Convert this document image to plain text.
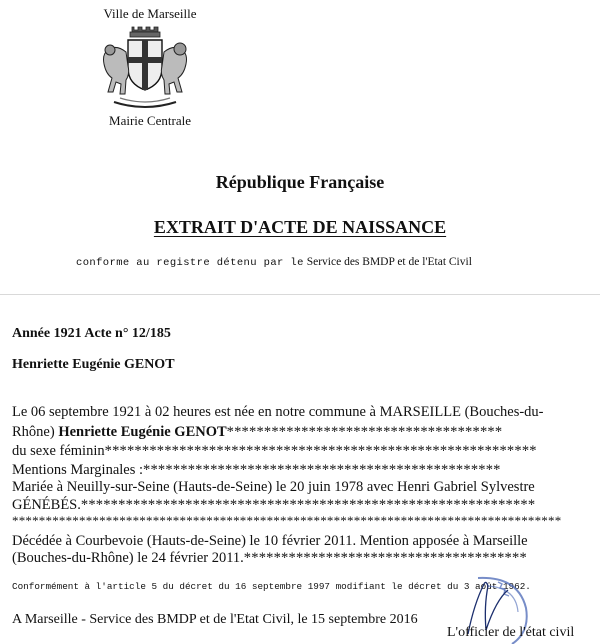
Ville de Marseille
Mairie Centrale
République Française
EXTRAIT D'ACTE DE NAISSANCE
conforme au registre détenu par le Service des BMDP et de l'Etat Civil
Année 1921 Acte n° 12/185
Henriette Eugénie GENOT
Le 06 septembre 1921 à 02 heures est née en notre commune à MARSEILLE (Bouches-du-
Rhône) Henriette Eugénie GENOT*************************************
du sexe féminin**********************************************************
Mentions Marginales :************************************************
Mariée à Neuilly-sur-Seine (Hauts-de-Seine) le 20 juin 1978 avec Henri Gabriel Sylvestre
GÉNÉBÉS.*************************************************************
**********************************************************************************
Décédée à Courbevoie (Hauts-de-Seine) le 10 février 2011. Mention apposée à Marseille
(Bouches-du-Rhône) le 24 février 2011.**************************************
Conformément à l'article 5 du décret du 16 septembre 1997 modifiant le décret du 3 août 1962.
A Marseille - Service des BMDP et de l'Etat Civil, le 15 septembre 2016
L'officier de l'état civil
